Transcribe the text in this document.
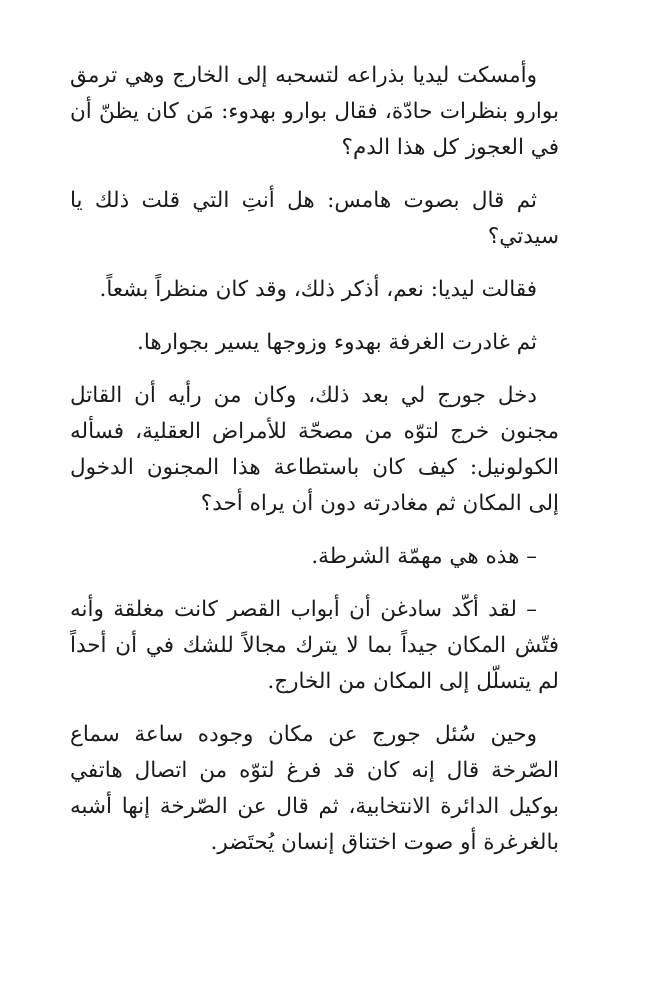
وأمسكت ليديا بذراعه لتسحبه إلى الخارج وهي ترمق بوارو بنظرات حادّة، فقال بوارو بهدوء: مَن كان يظنّ أن في العجوز كل هذا الدم؟

ثم قال بصوت هامس: هل أنتِ التي قلت ذلك يا سيدتي؟

فقالت ليديا: نعم، أذكر ذلك، وقد كان منظراً بشعاً.

ثم غادرت الغرفة بهدوء وزوجها يسير بجوارها.

دخل جورج لي بعد ذلك، وكان من رأيه أن القاتل مجنون خرج لتوّه من مصحّة للأمراض العقلية، فسأله الكولونيل: كيف كان باستطاعة هذا المجنون الدخول إلى المكان ثم مغادرته دون أن يراه أحد؟

– هذه هي مهمّة الشرطة.

– لقد أكّد سادغن أن أبواب القصر كانت مغلقة وأنه فتّش المكان جيداً بما لا يترك مجالاً للشك في أن أحداً لم يتسلّل إلى المكان من الخارج.

وحين سُئل جورج عن مكان وجوده ساعة سماع الصّرخة قال إنه كان قد فرغ لتوّه من اتصال هاتفي بوكيل الدائرة الانتخابية، ثم قال عن الصّرخة إنها أشبه بالغرغرة أو صوت اختناق إنسان يُحتَضر.
